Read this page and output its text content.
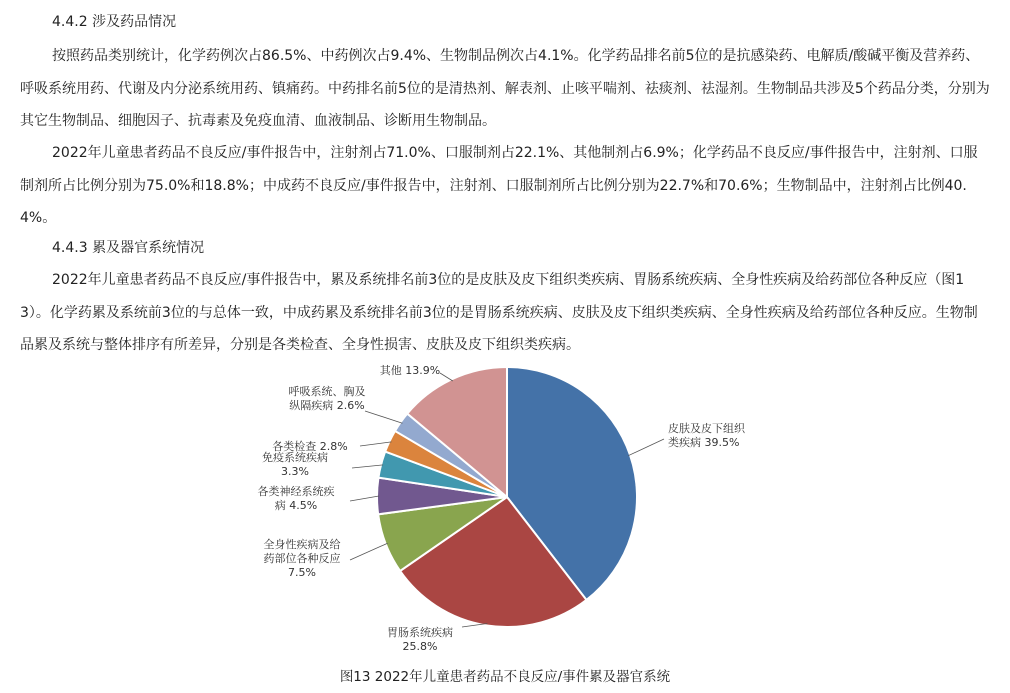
4.4.2 涉及药品情况

按照药品类别统计，化学药例次占86.5%、中药例次占9.4%、生物制品例次占4.1%。化学药品排名前5位的是抗感染药、电解质/酸碱平衡及营养药、呼吸系统用药、代谢及内分泌系统用药、镇痛药。中药排名前5位的是清热剂、解表剂、止咳平喘剂、祛痰剂、祛湿剂。生物制品共涉及5个药品分类，分别为其它生物制品、细胞因子、抗毒素及免疫血清、血液制品、诊断用生物制品。

2022年儿童患者药品不良反应/事件报告中，注射剂占71.0%、口服制剂占22.1%、其他制剂占6.9%；化学药品不良反应/事件报告中，注射剂、口服制剂所占比例分别为75.0%和18.8%；中成药不良反应/事件报告中，注射剂、口服制剂所占比例分别为22.7%和70.6%；生物制品中，注射剂占比例40.4%。

4.4.3 累及器官系统情况

2022年儿童患者药品不良反应/事件报告中，累及系统排名前3位的是皮肤及皮下组织类疾病、胃肠系统疾病、全身性疾病及给药部位各种反应（图13）。化学药累及系统前3位的与总体一致，中成药累及系统排名前3位的是胃肠系统疾病、皮肤及皮下组织类疾病、全身性疾病及给药部位各种反应。生物制品累及系统与整体排序有所差异，分别是各类检查、全身性损害、皮肤及皮下组织类疾病。

皮肤及皮下组织类疾病 39.5%
胃肠系统疾病 25.8%
全身性疾病及给药部位各种反应 7.5%
各类神经系统疾病 4.5%
免疫系统疾病 3.3%
各类检查 2.8%
呼吸系统、胸及纵隔疾病 2.6%
其他 13.9%
图13 2022年儿童患者药品不良反应/事件累及器官系统
